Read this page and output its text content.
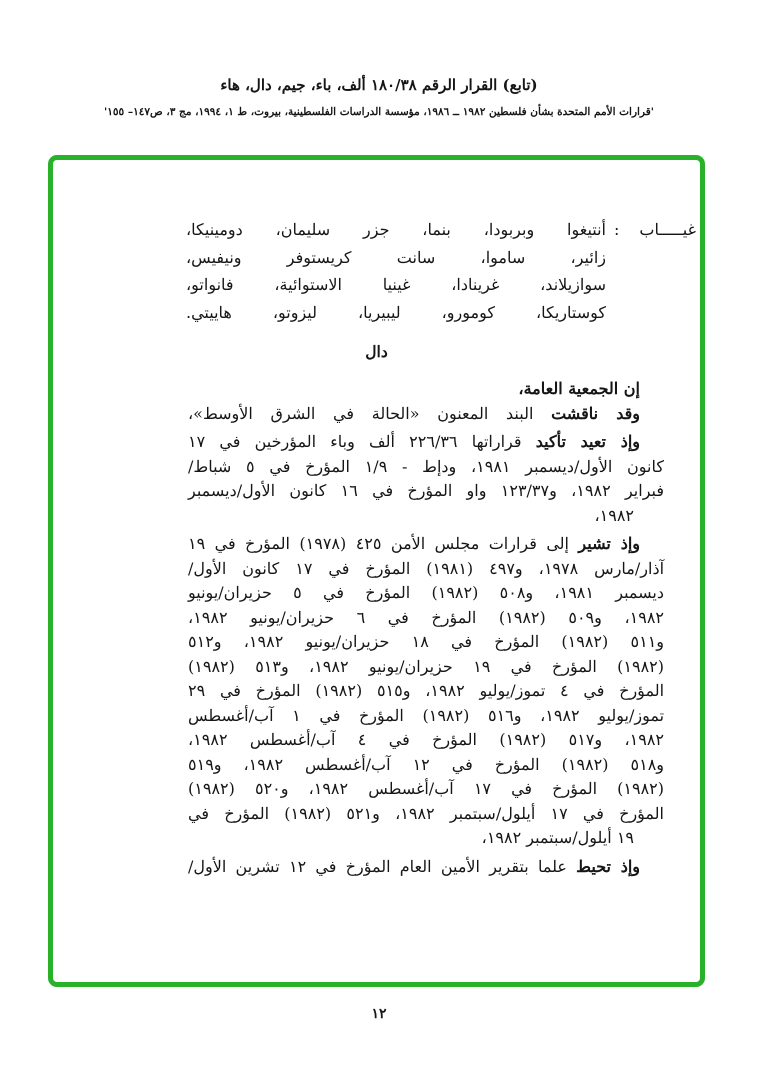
(تابع) القرار الرقم ١٨٠/٣٨ ألف، باء، جيم، دال، هاء
'قرارات الأمم المتحدة بشأن فلسطين ١٩٨٢ ــ ١٩٨٦، مؤسسة الدراسات الفلسطينية، بيروت، ط ١، ١٩٩٤، مج ٣، ص١٤٧– ١٥٥'
غيـــــاب
:
أنتيغوا وبربودا، بنما، جزر سليمان، دومينيكا،
زائير، ساموا، سانت كريستوفر ونيفيس،
سوازيلاند، غرينادا، غينيا الاستوائية، فانواتو،
كوستاريكا، كومورو، ليبيريا، ليزوتو، هاييتي.
دال
إن الجمعية العامة،
وقد ناقشت البند المعنون «الحالة في الشرق الأوسط»،
وإذ تعيد تأكيد قراراتها ٢٢٦/٣٦ ألف وباء المؤرخين في ١٧
كانون الأول/ديسمبر ١٩٨١، ودإط - ١/٩ المؤرخ في ٥ شباط/
فبراير ١٩٨٢، و١٢٣/٣٧ واو المؤرخ في ١٦ كانون الأول/ديسمبر
١٩٨٢،
وإذ تشير إلى قرارات مجلس الأمن ٤٢٥ (١٩٧٨) المؤرخ في ١٩
آذار/مارس ١٩٧٨، و٤٩٧ (١٩٨١) المؤرخ في ١٧ كانون الأول/
ديسمبر ١٩٨١، و٥٠٨ (١٩٨٢) المؤرخ في ٥ حزيران/يونيو
١٩٨٢، و٥٠٩ (١٩٨٢) المؤرخ في ٦ حزيران/يونيو ١٩٨٢،
و٥١١ (١٩٨٢) المؤرخ في ١٨ حزيران/يونيو ١٩٨٢، و٥١٢
(١٩٨٢) المؤرخ في ١٩ حزيران/يونيو ١٩٨٢، و٥١٣ (١٩٨٢)
المؤرخ في ٤ تموز/يوليو ١٩٨٢، و٥١٥ (١٩٨٢) المؤرخ في ٢٩
تموز/يوليو ١٩٨٢، و٥١٦ (١٩٨٢) المؤرخ في ١ آب/أغسطس
١٩٨٢، و٥١٧ (١٩٨٢) المؤرخ في ٤ آب/أغسطس ١٩٨٢،
و٥١٨ (١٩٨٢) المؤرخ في ١٢ آب/أغسطس ١٩٨٢، و٥١٩
(١٩٨٢) المؤرخ في ١٧ آب/أغسطس ١٩٨٢، و٥٢٠ (١٩٨٢)
المؤرخ في ١٧ أيلول/سبتمبر ١٩٨٢، و٥٢١ (١٩٨٢) المؤرخ في
١٩ أيلول/سبتمبر ١٩٨٢،
وإذ تحيط علما بتقرير الأمين العام المؤرخ في ١٢ تشرين الأول/
١٢
